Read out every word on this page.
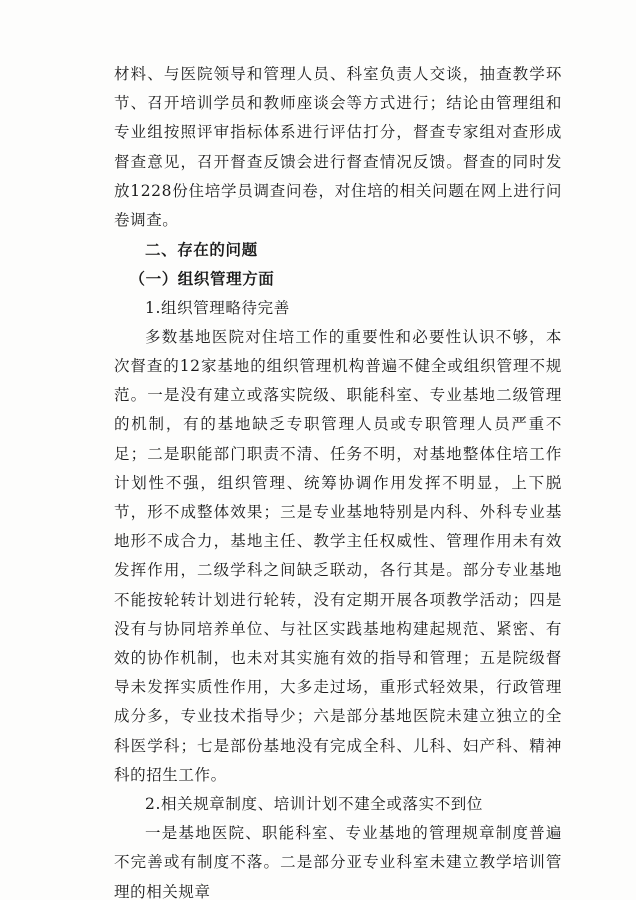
材料、与医院领导和管理人员、科室负责人交谈，抽查教学环节、召开培训学员和教师座谈会等方式进行；结论由管理组和专业组按照评审指标体系进行评估打分，督查专家组对查形成督查意见，召开督查反馈会进行督查情况反馈。督查的同时发放1228份住培学员调查问卷，对住培的相关问题在网上进行问卷调查。

二、存在的问题

（一）组织管理方面

1.组织管理略待完善

多数基地医院对住培工作的重要性和必要性认识不够，本次督查的12家基地的组织管理机构普遍不健全或组织管理不规范。一是没有建立或落实院级、职能科室、专业基地二级管理的机制，有的基地缺乏专职管理人员或专职管理人员严重不足；二是职能部门职责不清、任务不明，对基地整体住培工作计划性不强，组织管理、统筹协调作用发挥不明显，上下脱节，形不成整体效果；三是专业基地特别是内科、外科专业基地形不成合力，基地主任、教学主任权威性、管理作用未有效发挥作用，二级学科之间缺乏联动，各行其是。部分专业基地不能按轮转计划进行轮转，没有定期开展各项教学活动；四是没有与协同培养单位、与社区实践基地构建起规范、紧密、有效的协作机制，也未对其实施有效的指导和管理；五是院级督导未发挥实质性作用，大多走过场，重形式轻效果，行政管理成分多，专业技术指导少；六是部分基地医院未建立独立的全科医学科；七是部份基地没有完成全科、儿科、妇产科、精神科的招生工作。

2.相关规章制度、培训计划不建全或落实不到位

一是基地医院、职能科室、专业基地的管理规章制度普遍不完善或有制度不落。二是部分亚专业科室未建立教学培训管理的相关规章
